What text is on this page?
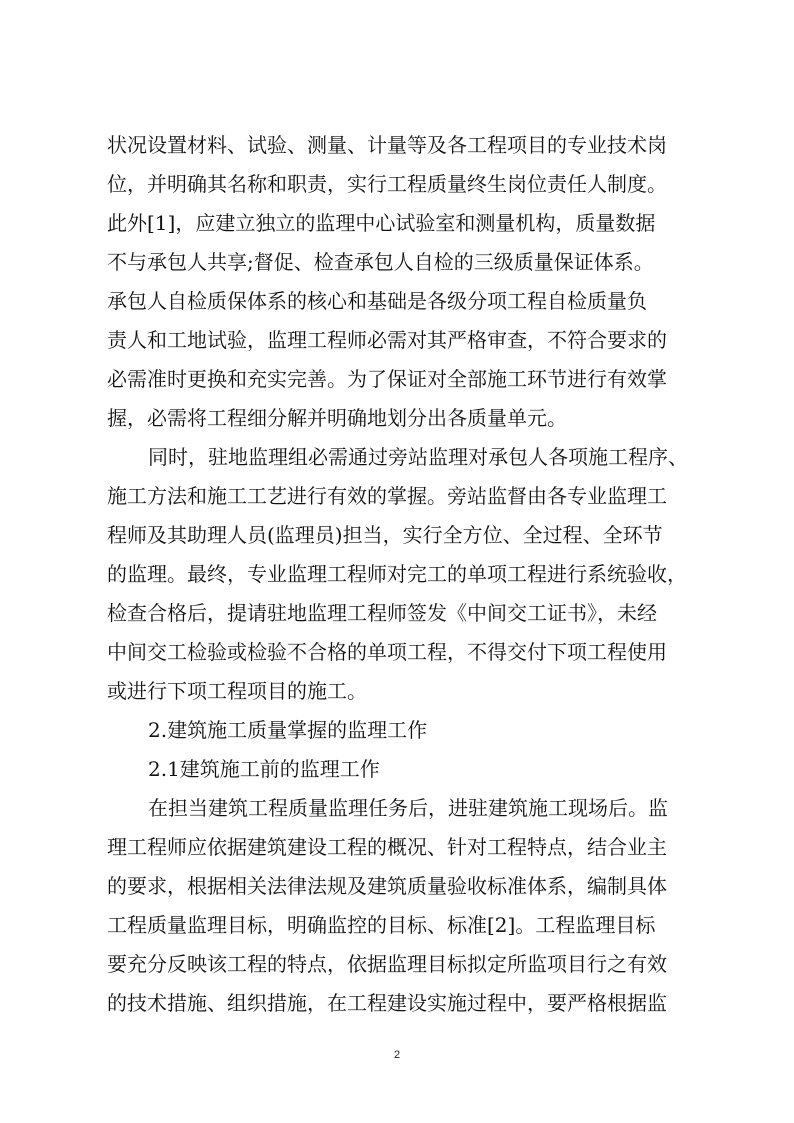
状况设置材料、试验、测量、计量等及各工程项目的专业技术岗
位，并明确其名称和职责，实行工程质量终生岗位责任人制度。
此外[1]，应建立独立的监理中心试验室和测量机构，质量数据
不与承包人共享;督促、检查承包人自检的三级质量保证体系。
承包人自检质保体系的核心和基础是各级分项工程自检质量负
责人和工地试验，监理工程师必需对其严格审查，不符合要求的
必需准时更换和充实完善。为了保证对全部施工环节进行有效掌
握，必需将工程细分解并明确地划分出各质量单元。
同时，驻地监理组必需通过旁站监理对承包人各项施工程序、
施工方法和施工工艺进行有效的掌握。旁站监督由各专业监理工
程师及其助理人员(监理员)担当，实行全方位、全过程、全环节
的监理。最终，专业监理工程师对完工的单项工程进行系统验收，
检查合格后，提请驻地监理工程师签发《中间交工证书》，未经
中间交工检验或检验不合格的单项工程，不得交付下项工程使用
或进行下项工程项目的施工。
2.建筑施工质量掌握的监理工作
2.1建筑施工前的监理工作
在担当建筑工程质量监理任务后，进驻建筑施工现场后。监
理工程师应依据建筑建设工程的概况、针对工程特点，结合业主
的要求，根据相关法律法规及建筑质量验收标准体系，编制具体
工程质量监理目标，明确监控的目标、标准[2]。工程监理目标
要充分反映该工程的特点，依据监理目标拟定所监项目行之有效
的技术措施、组织措施，在工程建设实施过程中，要严格根据监
2
